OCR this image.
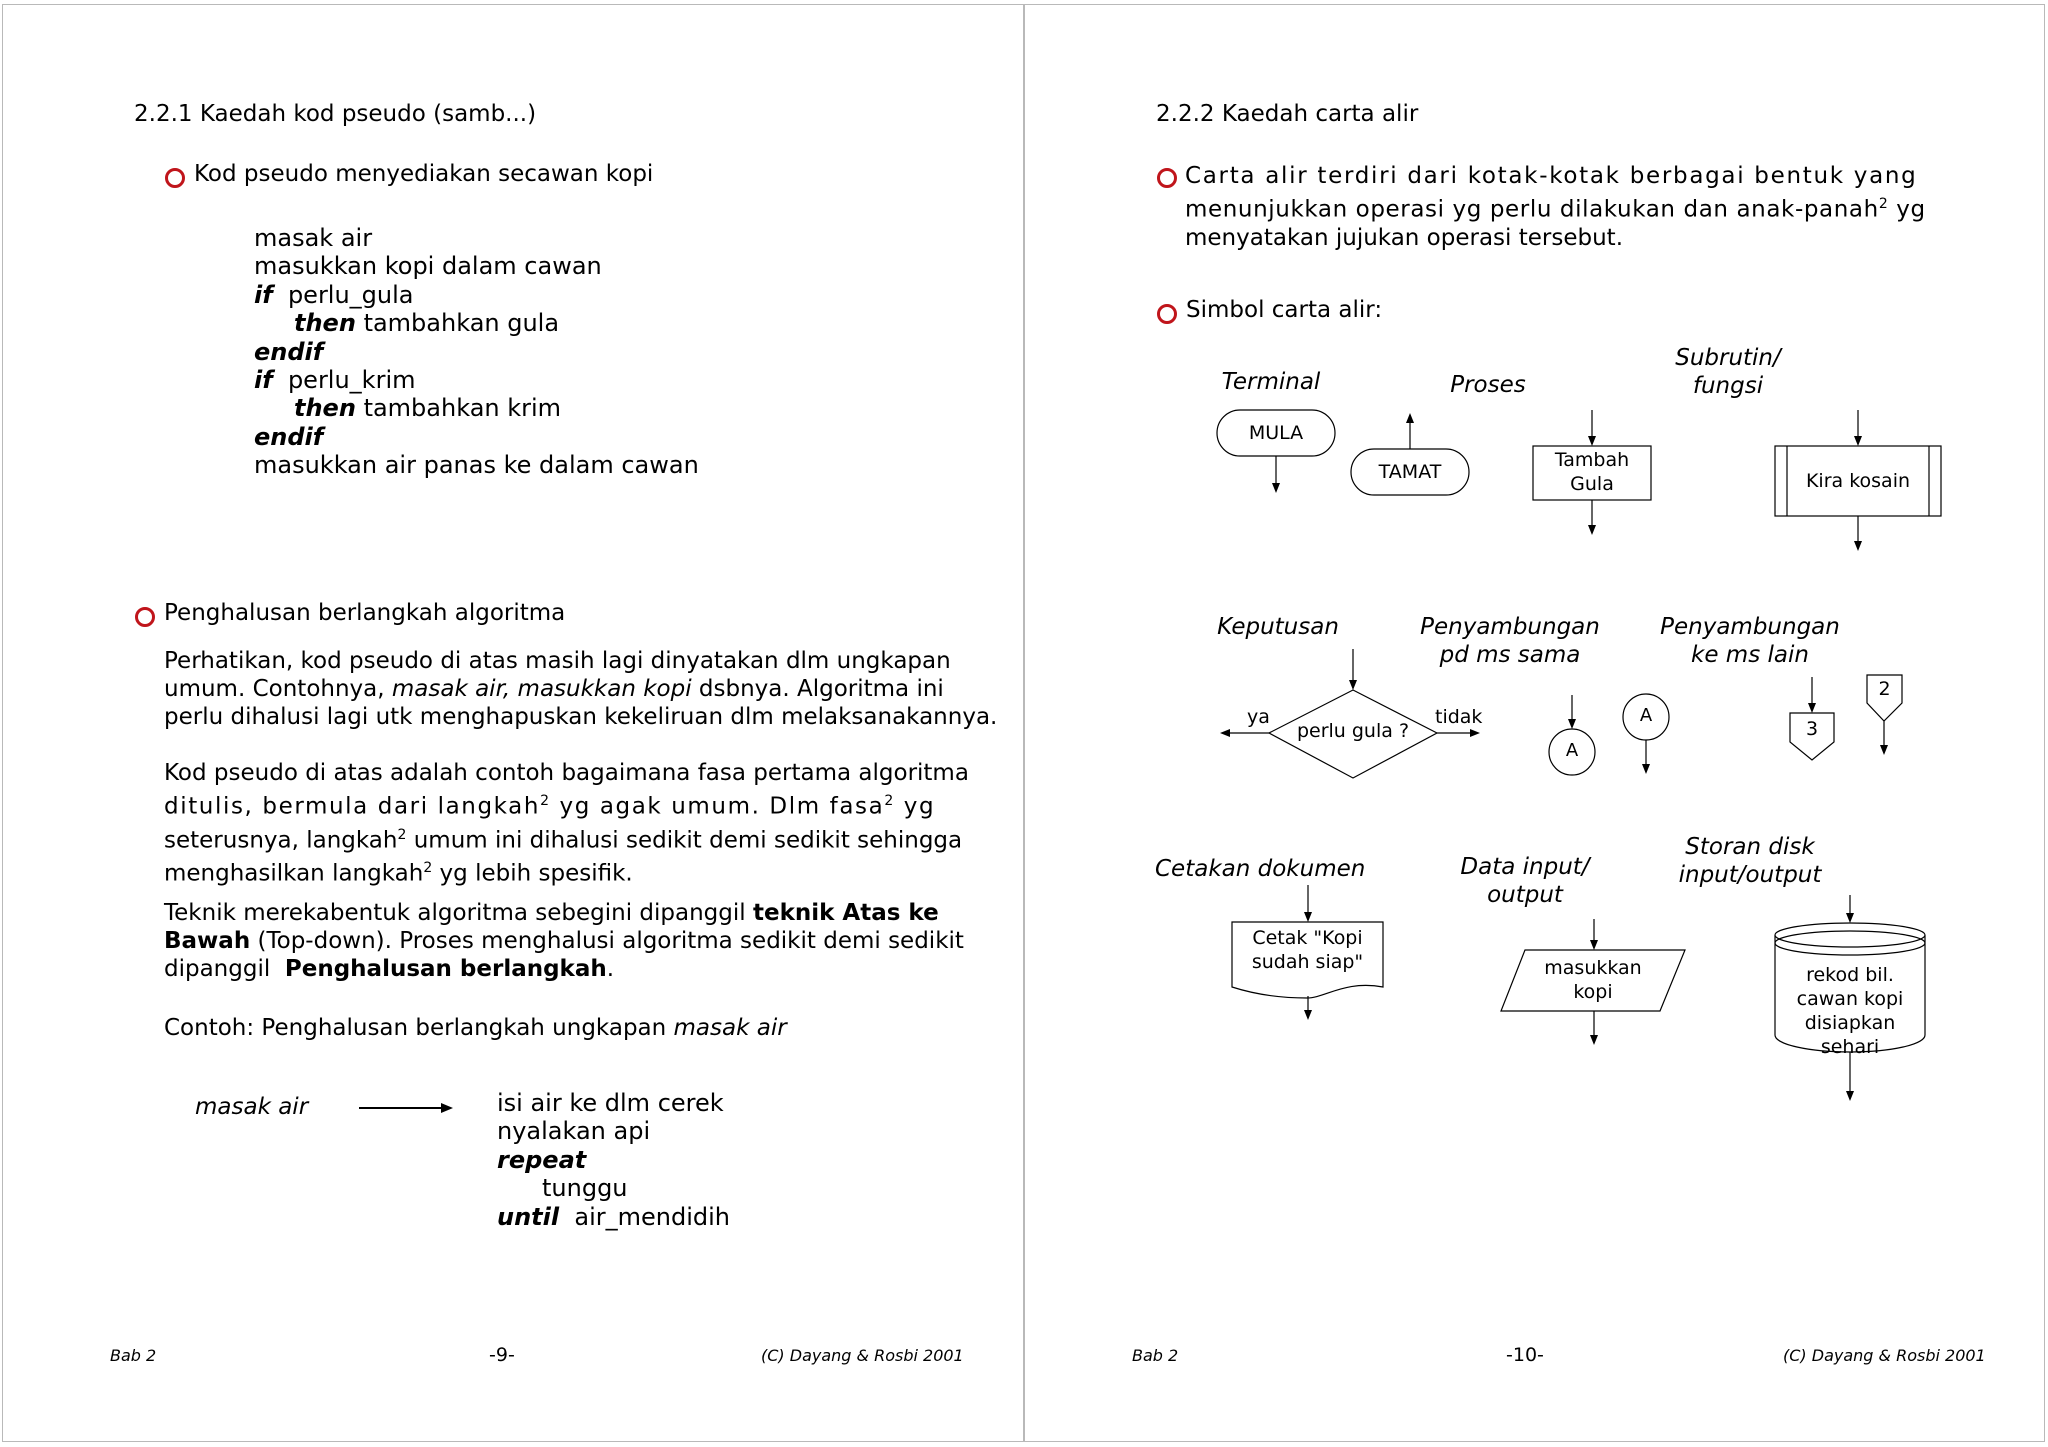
2.2.1 Kaedah kod pseudo (samb...)
Kod pseudo menyediakan secawan kopi
masak air
masukkan kopi dalam cawan
if perlu_gula
then tambahkan gula
endif
if perlu_krim
then tambahkan krim
endif
masukkan air panas ke dalam cawan
Penghalusan berlangkah algoritma
Perhatikan, kod pseudo di atas masih lagi dinyatakan dlm ungkapan
umum. Contohnya, masak air, masukkan kopi dsbnya. Algoritma ini
perlu dihalusi lagi utk menghapuskan kekeliruan dlm melaksanakannya.
Kod pseudo di atas adalah contoh bagaimana fasa pertama algoritma
ditulis, bermula dari langkah$^2$ yg agak umum. Dlm fasa$^2$ yg
seterusnya, langkah$^2$ umum ini dihalusi sedikit demi sedikit sehingga
menghasilkan langkah$^2$ yg lebih spesifik.
Teknik merekabentuk algoritma sebegini dipanggil teknik Atas ke
Bawah (Top-down). Proses menghalusi algoritma sedikit demi sedikit
dipanggil Penghalusan berlangkah.
Contoh: Penghalusan berlangkah ungkapan masak air
masak air	isi air ke dlm cerek
nyalakan api
repeat
tunggu
until air_mendidih
Bab 2	-9-	(C) Dayang & Rosbi 2001
2.2.2 Kaedah carta alir
Carta alir terdiri dari kotak-kotak berbagai bentuk yang
menunjukkan operasi yg perlu dilakukan dan anak-panah$^2$ yg
menyatakan jujukan operasi tersebut.
Simbol carta alir:
Terminal	Proses
Subrutin/
fungsi
Keputusan	Penyambungan
pd ms sama
Penyambungan
ke ms lain
Cetakan dokumen	Data input/
output
Storan disk
input/output
MULA
TAMAT
Tambah
Gula	Kira kosain
perlu gula ?
ya	tidak
A
A
3
2
Cetak "Kopi
sudah siap"	masukkan
kopi
rekod bil.
cawan kopi
disiapkan
sehari
Bab 2	-10-	(C) Dayang & Rosbi 2001
